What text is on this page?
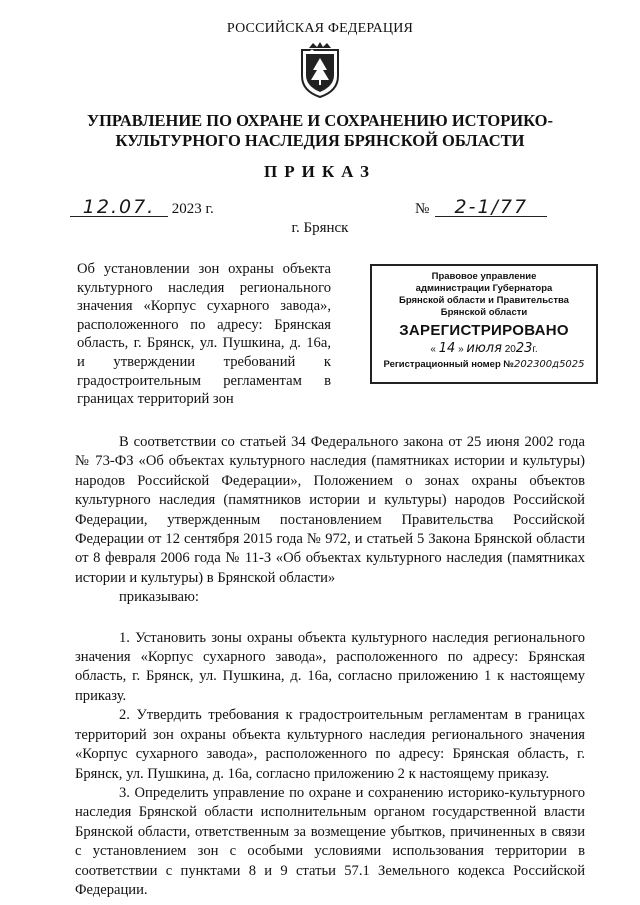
РОССИЙСКАЯ ФЕДЕРАЦИЯ
УПРАВЛЕНИЕ ПО ОХРАНЕ И СОХРАНЕНИЮ ИСТОРИКО-
КУЛЬТУРНОГО НАСЛЕДИЯ БРЯНСКОЙ ОБЛАСТИ
ПРИКАЗ
12.07. 2023 г.	№ 2-1/77
г. Брянск
Об установлении зон охраны объекта культурного наследия регионального значения «Корпус сухарного завода», расположенного по адресу: Брянская область, г. Брянск, ул. Пушкина, д. 16а, и утверждении требований к градостроительным регламентам в границах территорий зон
Правовое управление
администрации Губернатора
Брянской области и Правительства
Брянской области
ЗАРЕГИСТРИРОВАНО
« 14 » июля 2023г.
Регистрационный номер №202300д5025

В соответствии со статьей 34 Федерального закона от 25 июня 2002 года № 73-ФЗ «Об объектах культурного наследия (памятниках истории и культуры) народов Российской Федерации», Положением о зонах охраны объектов культурного наследия (памятников истории и культуры) народов Российской Федерации, утвержденным постановлением Правительства Российской Федерации от 12 сентября 2015 года № 972, и статьей 5 Закона Брянской области от 8 февраля 2006 года № 11-З «Об объектах культурного наследия (памятниках истории и культуры) в Брянской области»

приказываю:

1. Установить зоны охраны объекта культурного наследия регионального значения «Корпус сухарного завода», расположенного по адресу: Брянская область, г. Брянск, ул. Пушкина, д. 16а, согласно приложению 1 к настоящему приказу.

2. Утвердить требования к градостроительным регламентам в границах территорий зон охраны объекта культурного наследия регионального значения «Корпус сухарного завода», расположенного по адресу: Брянская область, г. Брянск, ул. Пушкина, д. 16а, согласно приложению 2 к настоящему приказу.

3. Определить управление по охране и сохранению историко-культурного наследия Брянской области исполнительным органом государственной власти Брянской области, ответственным за возмещение убытков, причиненных в связи с установлением зон с особыми условиями использования территории в соответствии с пунктами 8 и 9 статьи 57.1 Земельного кодекса Российской Федерации.
